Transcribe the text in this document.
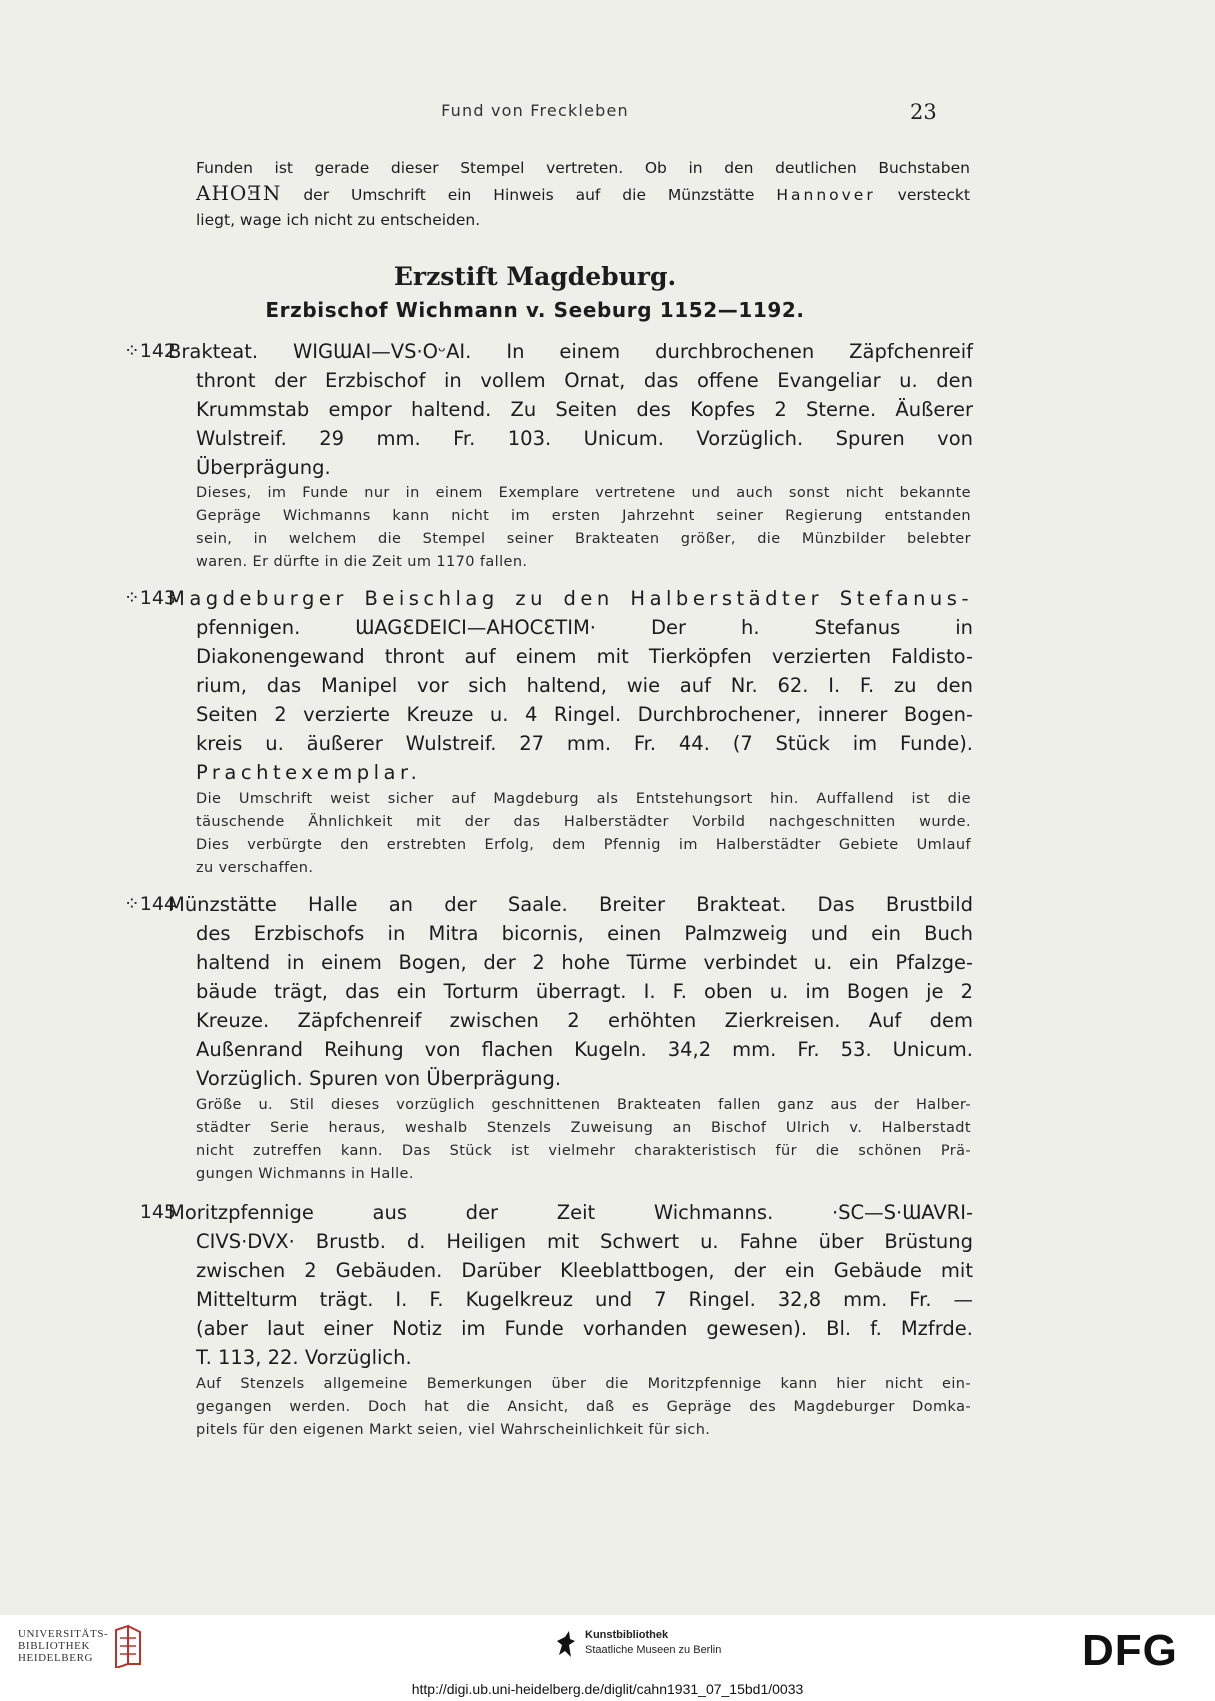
Fund von Freckleben	23
Funden ist gerade dieser Stempel vertreten. Ob in den deutlichen Buchstaben
AHOƎN der Umschrift ein Hinweis auf die Münzstätte Hannover versteckt
liegt, wage ich nicht zu entscheiden.
Erzstift Magdeburg.
Erzbischof Wichmann v. Seeburg 1152—1192.
⁘142
Brakteat. WIGƜAI—VS·OᵕAI. In einem durchbrochenen Zäpfchenreif
thront der Erzbischof in vollem Ornat, das offene Evangeliar u. den
Krummstab empor haltend. Zu Seiten des Kopfes 2 Sterne. Äußerer
Wulstreif. 29 mm. Fr. 103. Unicum. Vorzüglich. Spuren von
Überprägung.
Dieses, im Funde nur in einem Exemplare vertretene und auch sonst nicht bekannte
Gepräge Wichmanns kann nicht im ersten Jahrzehnt seiner Regierung entstanden
sein, in welchem die Stempel seiner Brakteaten größer, die Münzbilder belebter
waren. Er dürfte in die Zeit um 1170 fallen.
⁘143
Magdeburger Beischlag zu den Halberstädter Stefanus-
pfennigen. ƜAGƐDEICI—AHOCƐTIM· Der h. Stefanus in
Diakonengewand thront auf einem mit Tierköpfen verzierten Faldisto-
rium, das Manipel vor sich haltend, wie auf Nr. 62. I. F. zu den
Seiten 2 verzierte Kreuze u. 4 Ringel. Durchbrochener, innerer Bogen-
kreis u. äußerer Wulstreif. 27 mm. Fr. 44. (7 Stück im Funde).
Prachtexemplar.
Die Umschrift weist sicher auf Magdeburg als Entstehungsort hin. Auffallend ist die
täuschende Ähnlichkeit mit der das Halberstädter Vorbild nachgeschnitten wurde.
Dies verbürgte den erstrebten Erfolg, dem Pfennig im Halberstädter Gebiete Umlauf
zu verschaffen.
⁘144
Münzstätte Halle an der Saale. Breiter Brakteat. Das Brustbild
des Erzbischofs in Mitra bicornis, einen Palmzweig und ein Buch
haltend in einem Bogen, der 2 hohe Türme verbindet u. ein Pfalzge-
bäude trägt, das ein Torturm überragt. I. F. oben u. im Bogen je 2
Kreuze. Zäpfchenreif zwischen 2 erhöhten Zierkreisen. Auf dem
Außenrand Reihung von flachen Kugeln. 34,2 mm. Fr. 53. Unicum.
Vorzüglich. Spuren von Überprägung.
Größe u. Stil dieses vorzüglich geschnittenen Brakteaten fallen ganz aus der Halber-
städter Serie heraus, weshalb Stenzels Zuweisung an Bischof Ulrich v. Halberstadt
nicht zutreffen kann. Das Stück ist vielmehr charakteristisch für die schönen Prä-
gungen Wichmanns in Halle.
145
Moritzpfennige aus der Zeit Wichmanns. ·SC—S·ƜAVRI-
CIVS·DVX· Brustb. d. Heiligen mit Schwert u. Fahne über Brüstung
zwischen 2 Gebäuden. Darüber Kleeblattbogen, der ein Gebäude mit
Mittelturm trägt. I. F. Kugelkreuz und 7 Ringel. 32,8 mm. Fr. —
(aber laut einer Notiz im Funde vorhanden gewesen). Bl. f. Mzfrde.
T. 113, 22. Vorzüglich.
Auf Stenzels allgemeine Bemerkungen über die Moritzpfennige kann hier nicht ein-
gegangen werden. Doch hat die Ansicht, daß es Gepräge des Magdeburger Domka-
pitels für den eigenen Markt seien, viel Wahrscheinlichkeit für sich.
UNIVERSITÄTS-
BIBLIOTHEK
HEIDELBERG
Kunstbibliothek
Staatliche Museen zu Berlin	DFG
http://digi.ub.uni-heidelberg.de/diglit/cahn1931_07_15bd1/0033
